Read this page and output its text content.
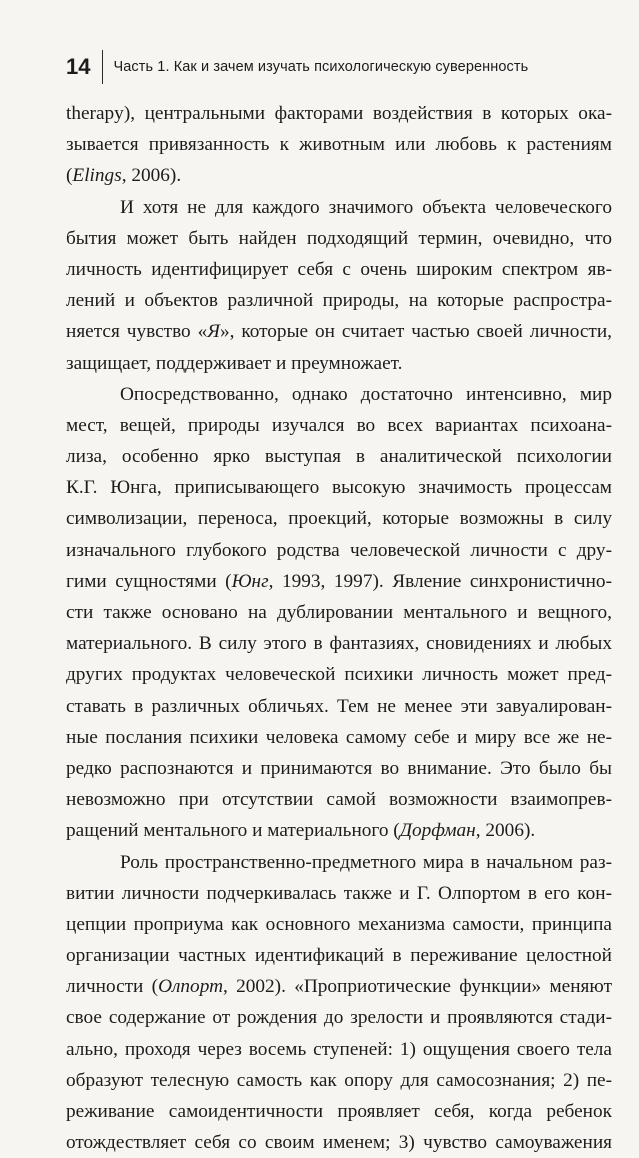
14	Часть 1. Как и зачем изучать психологическую суверенность
therapy), центральными факторами воздействия в которых ока-
зывается привязанность к животным или любовь к растениям
(Elings, 2006).
И хотя не для каждого значимого объекта человеческого
бытия может быть найден подходящий термин, очевидно, что
личность идентифицирует себя с очень широким спектром яв-
лений и объектов различной природы, на которые распростра-
няется чувство «Я», которые он считает частью своей личности,
защищает, поддерживает и преумножает.
Опосредствованно, однако достаточно интенсивно, мир
мест, вещей, природы изучался во всех вариантах психоана-
лиза, особенно ярко выступая в аналитической психологии
К.Г. Юнга, приписывающего высокую значимость процессам
символизации, переноса, проекций, которые возможны в силу
изначального глубокого родства человеческой личности с дру-
гими сущностями (Юнг, 1993, 1997). Явление синхронистично-
сти также основано на дублировании ментального и вещного,
материального. В силу этого в фантазиях, сновидениях и любых
других продуктах человеческой психики личность может пред-
ставать в различных обличьях. Тем не менее эти завуалирован-
ные послания психики человека самому себе и миру все же не-
редко распознаются и принимаются во внимание. Это было бы
невозможно при отсутствии самой возможности взаимопрев-
ращений ментального и материального (Дорфман, 2006).
Роль пространственно-предметного мира в начальном раз-
витии личности подчеркивалась также и Г. Олпортом в его кон-
цепции проприума как основного механизма самости, принципа
организации частных идентификаций в переживание целостной
личности (Олпорт, 2002). «Проприотические функции» меняют
свое содержание от рождения до зрелости и проявляются стади-
ально, проходя через восемь ступеней: 1) ощущения своего тела
образуют телесную самость как опору для самосознания; 2) пе-
реживание самоидентичности проявляет себя, когда ребенок
отождествляет себя со своим именем; 3) чувство самоуважения
